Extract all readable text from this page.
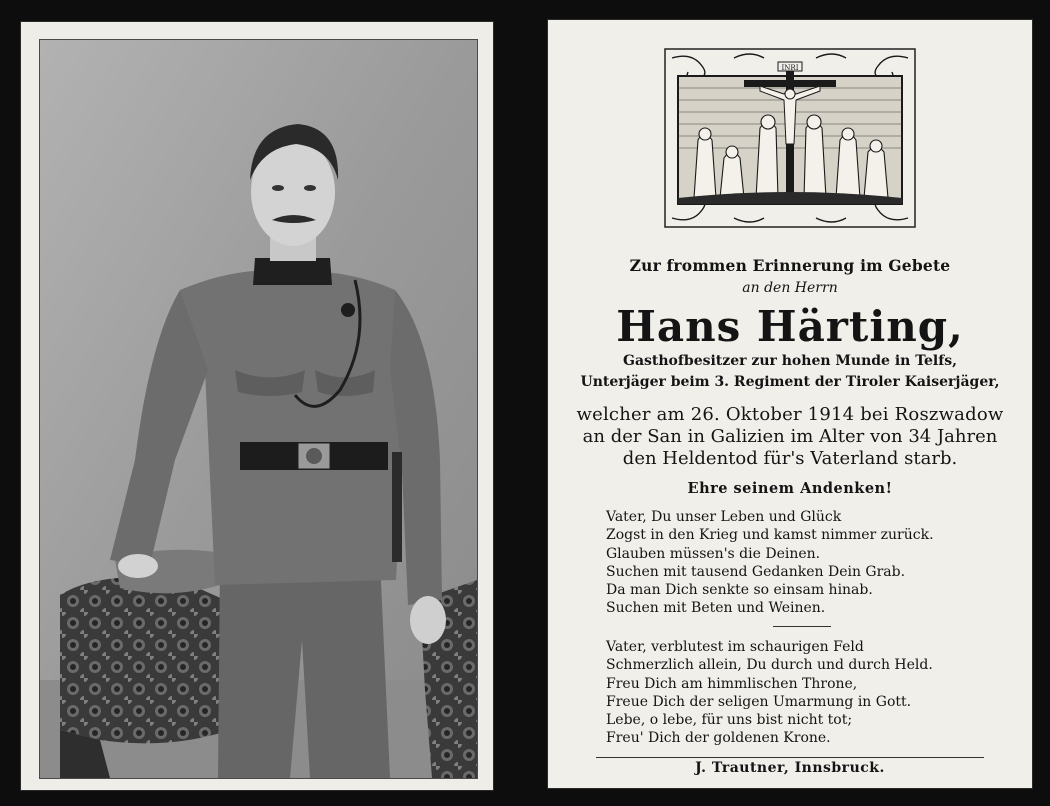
INRI
Zur frommen Erinnerung im Gebete
an den Herrn
Hans Härting,
Gasthofbesitzer zur hohen Munde in Telfs,
Unterjäger beim 3. Regiment der Tiroler Kaiserjäger,
welcher am 26. Oktober 1914 bei Roszwadow
an der San in Galizien im Alter von 34 Jahren
den Heldentod für's Vaterland starb.
Ehre seinem Andenken!
Vater, Du unser Leben und Glück
Zogst in den Krieg und kamst nimmer zurück.
Glauben müssen's die Deinen.
Suchen mit tausend Gedanken Dein Grab.
Da man Dich senkte so einsam hinab.
Suchen mit Beten und Weinen.
Vater, verblutest im schaurigen Feld
Schmerzlich allein, Du durch und durch Held.
Freu Dich am himmlischen Throne,
Freue Dich der seligen Umarmung in Gott.
Lebe, o lebe, für uns bist nicht tot;
Freu' Dich der goldenen Krone.
J. Trautner, Innsbruck.
